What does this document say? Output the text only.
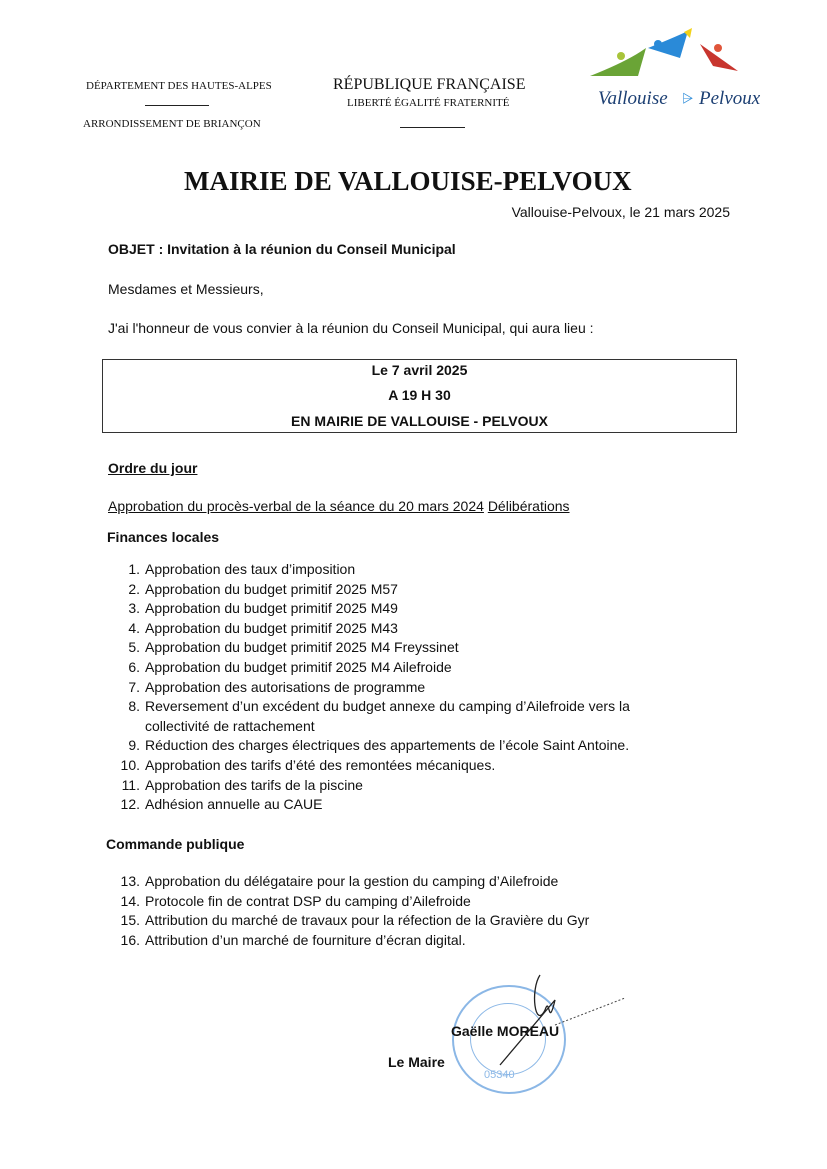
DÉPARTEMENT DES HAUTES-ALPES
ARRONDISSEMENT DE BRIANÇON
RÉPUBLIQUE FRANÇAISE
LIBERTÉ ÉGALITÉ FRATERNITÉ	Vallouise ⩥ Pelvoux
MAIRIE DE VALLOUISE-PELVOUX
Vallouise-Pelvoux, le 21 mars 2025
OBJET : Invitation à la réunion du Conseil Municipal
Mesdames et Messieurs,
J'ai l'honneur de vous convier à la réunion du Conseil Municipal, qui aura lieu :
Le 7 avril 2025
A 19 H 30
EN MAIRIE DE VALLOUISE - PELVOUX
Ordre du jour
Approbation du procès-verbal de la séance du 20 mars 2024 Délibérations
Finances locales
1. Approbation des taux d’imposition
2. Approbation du budget primitif 2025 M57
3. Approbation du budget primitif 2025 M49
4. Approbation du budget primitif 2025 M43
5. Approbation du budget primitif 2025 M4 Freyssinet
6. Approbation du budget primitif 2025 M4 Ailefroide
7. Approbation des autorisations de programme
8. Reversement d’un excédent du budget annexe du camping d’Ailefroide vers la
collectivité de rattachement
9. Réduction des charges électriques des appartements de l’école Saint Antoine.
10. Approbation des tarifs d’été des remontées mécaniques.
11. Approbation des tarifs de la piscine
12. Adhésion annuelle au CAUE
Commande publique
13. Approbation du délégataire pour la gestion du camping d’Ailefroide
14. Protocole fin de contrat DSP du camping d’Ailefroide
15. Attribution du marché de travaux pour la réfection de la Gravière du Gyr
16. Attribution d’un marché de fourniture d’écran digital.
05340
Gaëlle MOREAU
Le Maire
